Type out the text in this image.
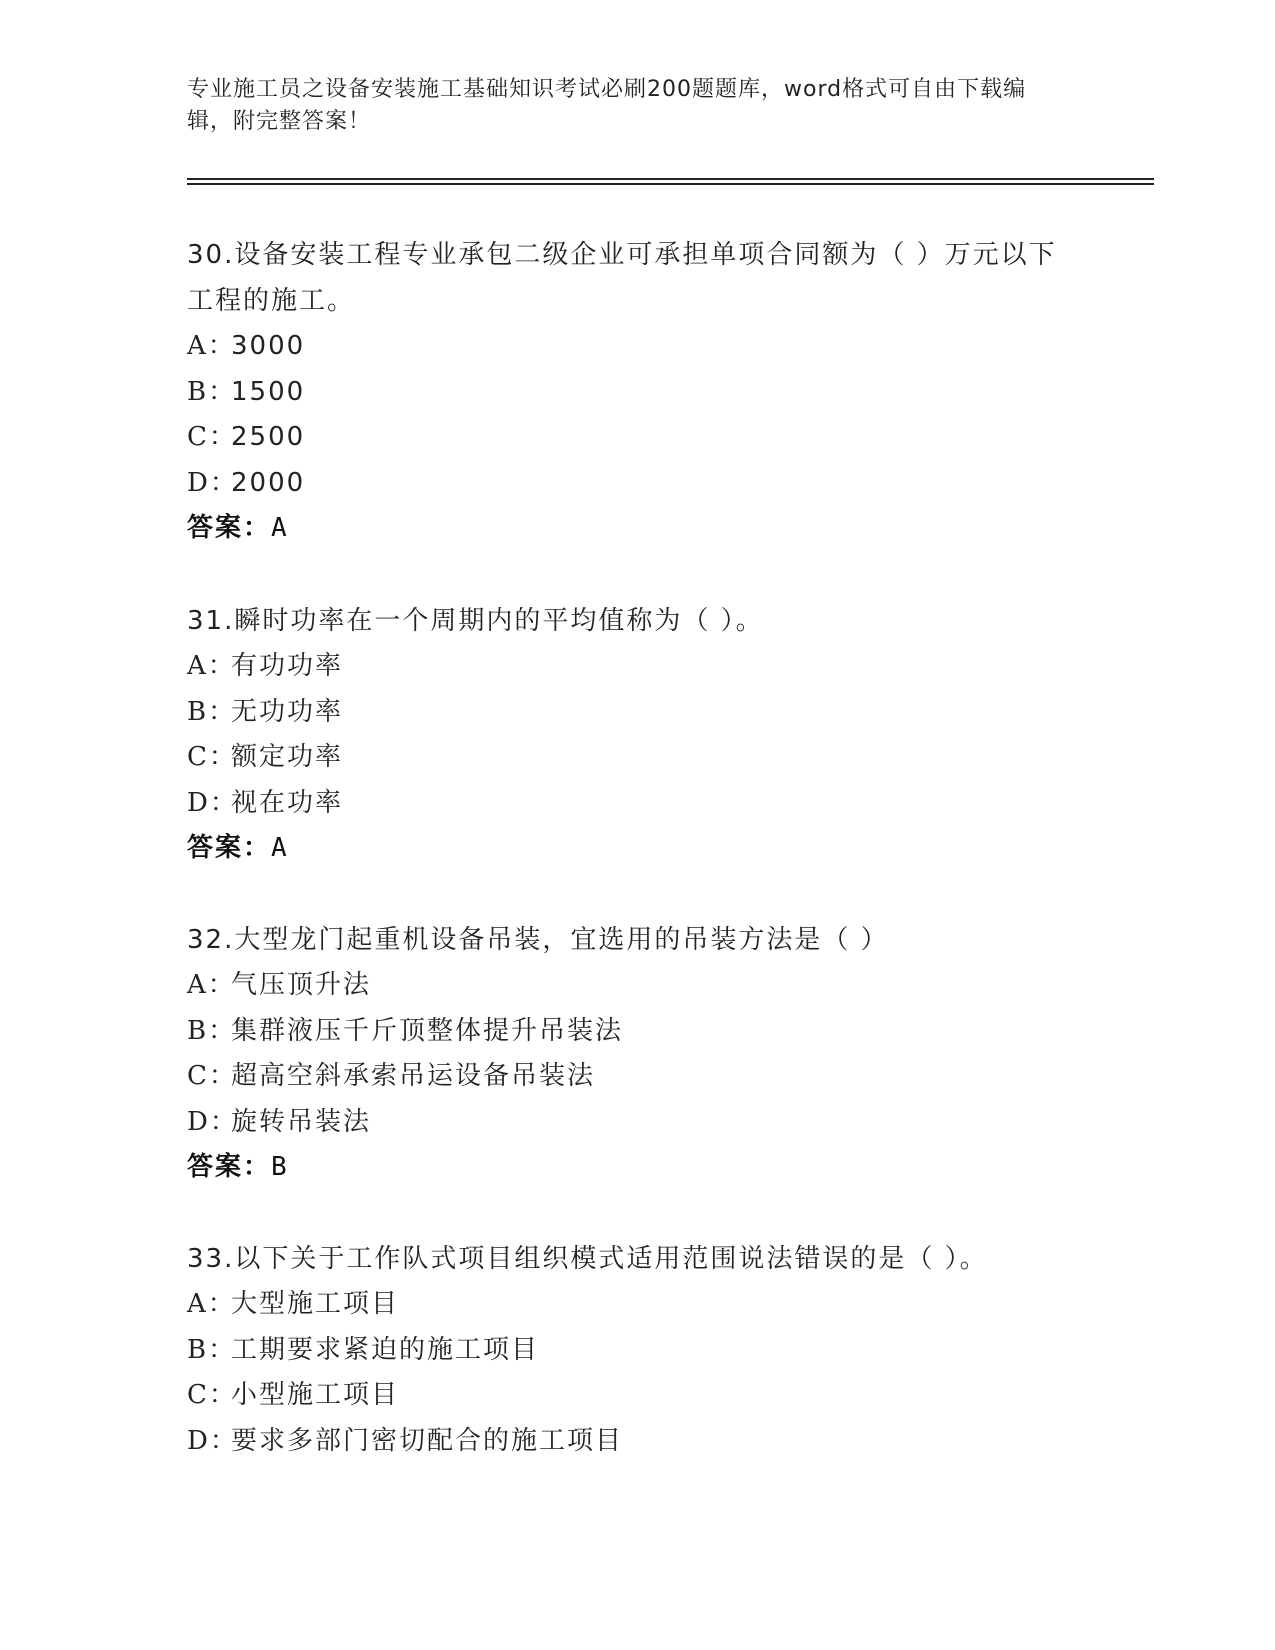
专业施工员之设备安装施工基础知识考试必刷200题题库，word格式可自由下载编辑，附完整答案！

30.设备安装工程专业承包二级企业可承担单项合同额为（ ）万元以下工程的施工。

A：3000
B：1500
C：2500
D：2000
答案：A

31.瞬时功率在一个周期内的平均值称为（ ）。

A：有功功率
B：无功功率
C：额定功率
D：视在功率
答案：A

32.大型龙门起重机设备吊装，宜选用的吊装方法是（ ）

A：气压顶升法
B：集群液压千斤顶整体提升吊装法
C：超高空斜承索吊运设备吊装法
D：旋转吊装法
答案：B

33.以下关于工作队式项目组织模式适用范围说法错误的是（ ）。

A：大型施工项目
B：工期要求紧迫的施工项目
C：小型施工项目
D：要求多部门密切配合的施工项目
